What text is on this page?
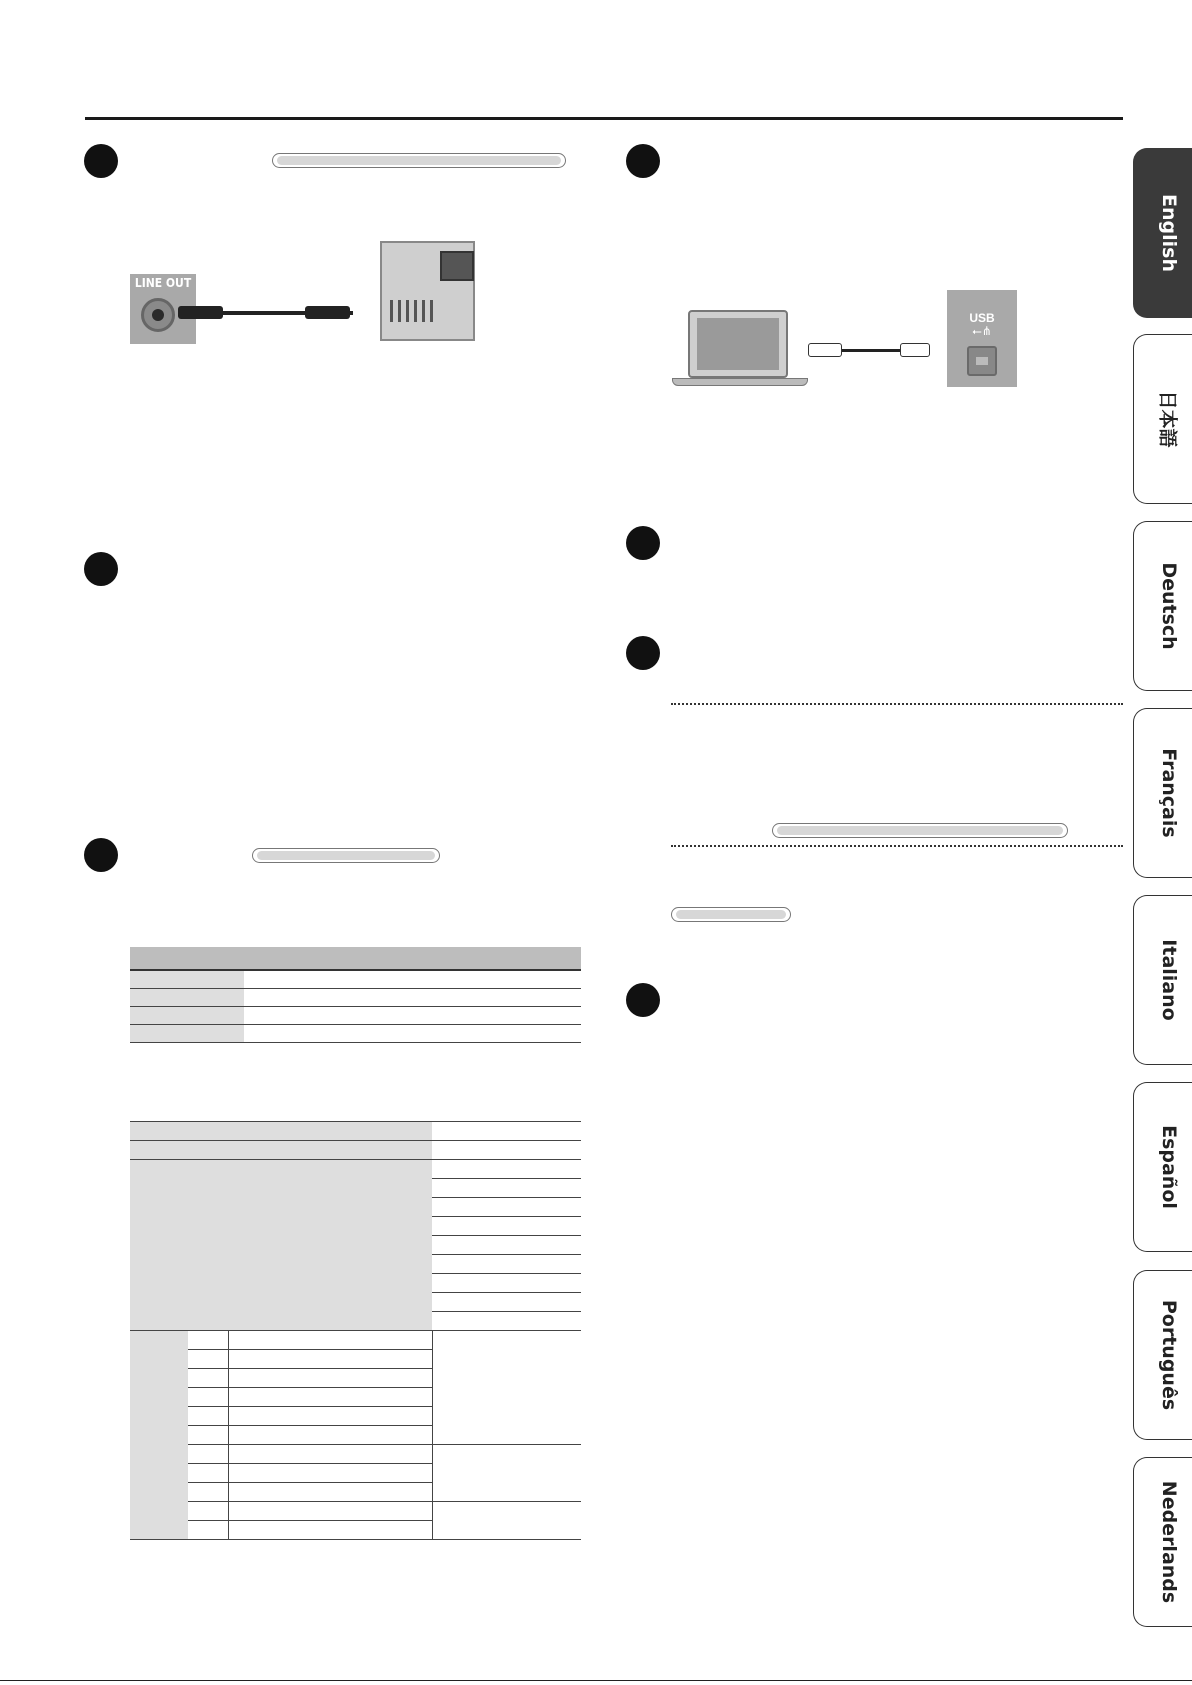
LINE OUT

USB
⭠⋔
English
日本語
Deutsch
Français
Italiano
Español
Português
Nederlands
